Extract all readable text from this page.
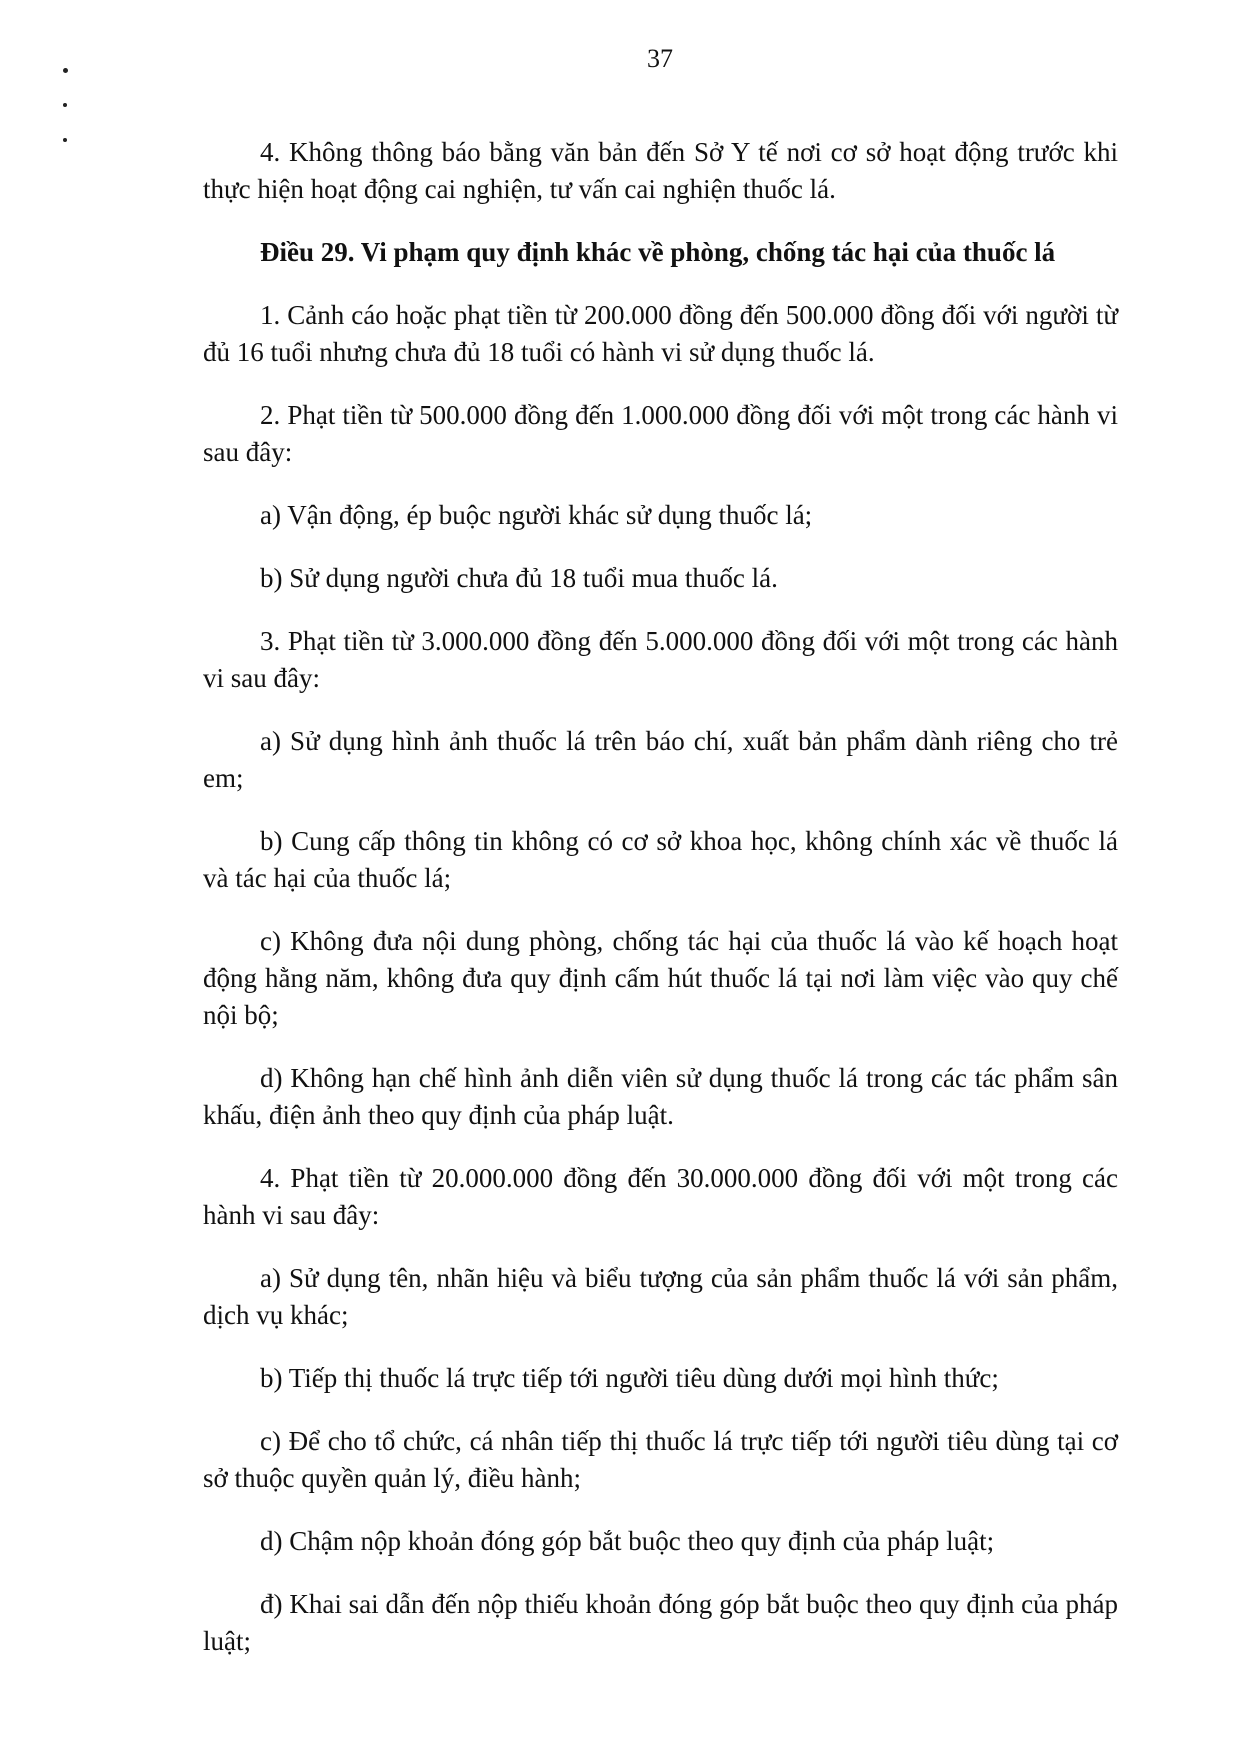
37

4. Không thông báo bằng văn bản đến Sở Y tế nơi cơ sở hoạt động trước khi thực hiện hoạt động cai nghiện, tư vấn cai nghiện thuốc lá.

Điều 29. Vi phạm quy định khác về phòng, chống tác hại của thuốc lá

1. Cảnh cáo hoặc phạt tiền từ 200.000 đồng đến 500.000 đồng đối với người từ đủ 16 tuổi nhưng chưa đủ 18 tuổi có hành vi sử dụng thuốc lá.

2. Phạt tiền từ 500.000 đồng đến 1.000.000 đồng đối với một trong các hành vi sau đây:

a) Vận động, ép buộc người khác sử dụng thuốc lá;

b) Sử dụng người chưa đủ 18 tuổi mua thuốc lá.

3. Phạt tiền từ 3.000.000 đồng đến 5.000.000 đồng đối với một trong các hành vi sau đây:

a) Sử dụng hình ảnh thuốc lá trên báo chí, xuất bản phẩm dành riêng cho trẻ em;

b) Cung cấp thông tin không có cơ sở khoa học, không chính xác về thuốc lá và tác hại của thuốc lá;

c) Không đưa nội dung phòng, chống tác hại của thuốc lá vào kế hoạch hoạt động hằng năm, không đưa quy định cấm hút thuốc lá tại nơi làm việc vào quy chế nội bộ;

d) Không hạn chế hình ảnh diễn viên sử dụng thuốc lá trong các tác phẩm sân khấu, điện ảnh theo quy định của pháp luật.

4. Phạt tiền từ 20.000.000 đồng đến 30.000.000 đồng đối với một trong các hành vi sau đây:

a) Sử dụng tên, nhãn hiệu và biểu tượng của sản phẩm thuốc lá với sản phẩm, dịch vụ khác;

b) Tiếp thị thuốc lá trực tiếp tới người tiêu dùng dưới mọi hình thức;

c) Để cho tổ chức, cá nhân tiếp thị thuốc lá trực tiếp tới người tiêu dùng tại cơ sở thuộc quyền quản lý, điều hành;

d) Chậm nộp khoản đóng góp bắt buộc theo quy định của pháp luật;

đ) Khai sai dẫn đến nộp thiếu khoản đóng góp bắt buộc theo quy định của pháp luật;
